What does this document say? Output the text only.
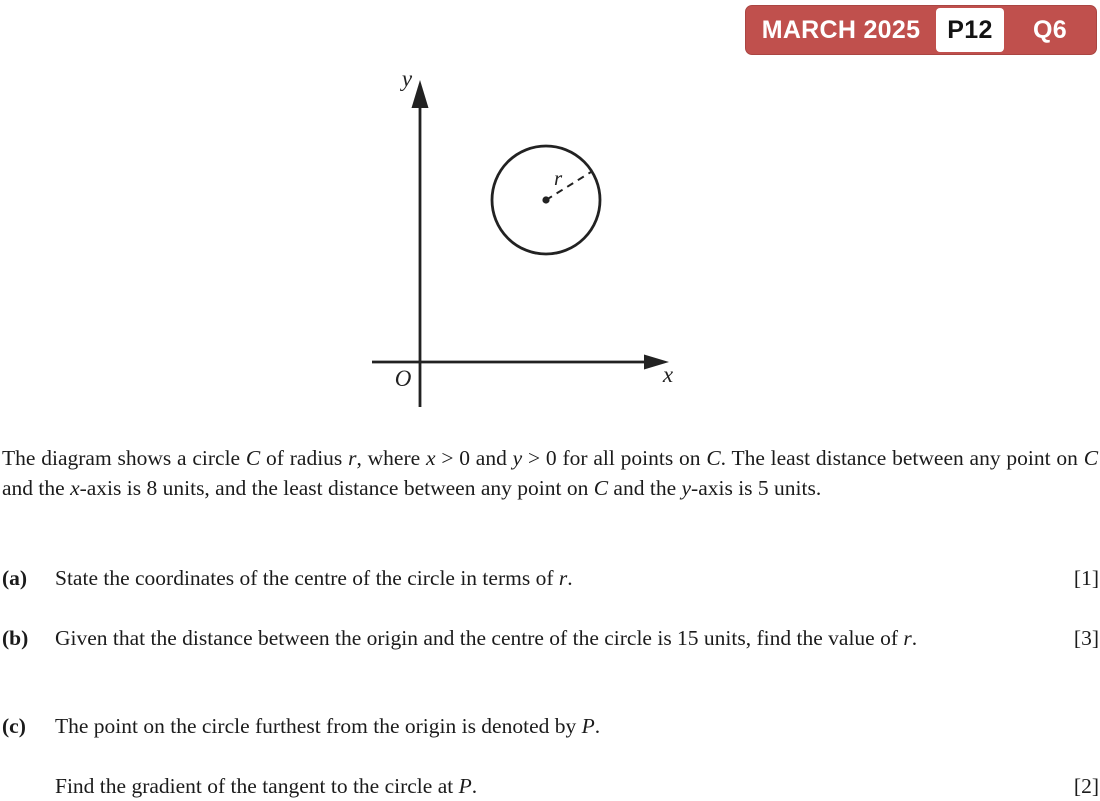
MARCH 2025	P12	Q6
y
x
O
r

The diagram shows a circle C of radius r, where x > 0 and y > 0 for all points on C. The least distance between any point on C and the x-axis is 8 units, and the least distance between any point on C and the y-axis is 5 units.

(a) State the coordinates of the centre of the circle in terms of r.	[1]
(b) Given that the distance between the origin and the centre of the circle is 15 units, find the value of r.	[3]
(c) The point on the circle furthest from the origin is denoted by P.
Find the gradient of the tangent to the circle at P.	[2]
